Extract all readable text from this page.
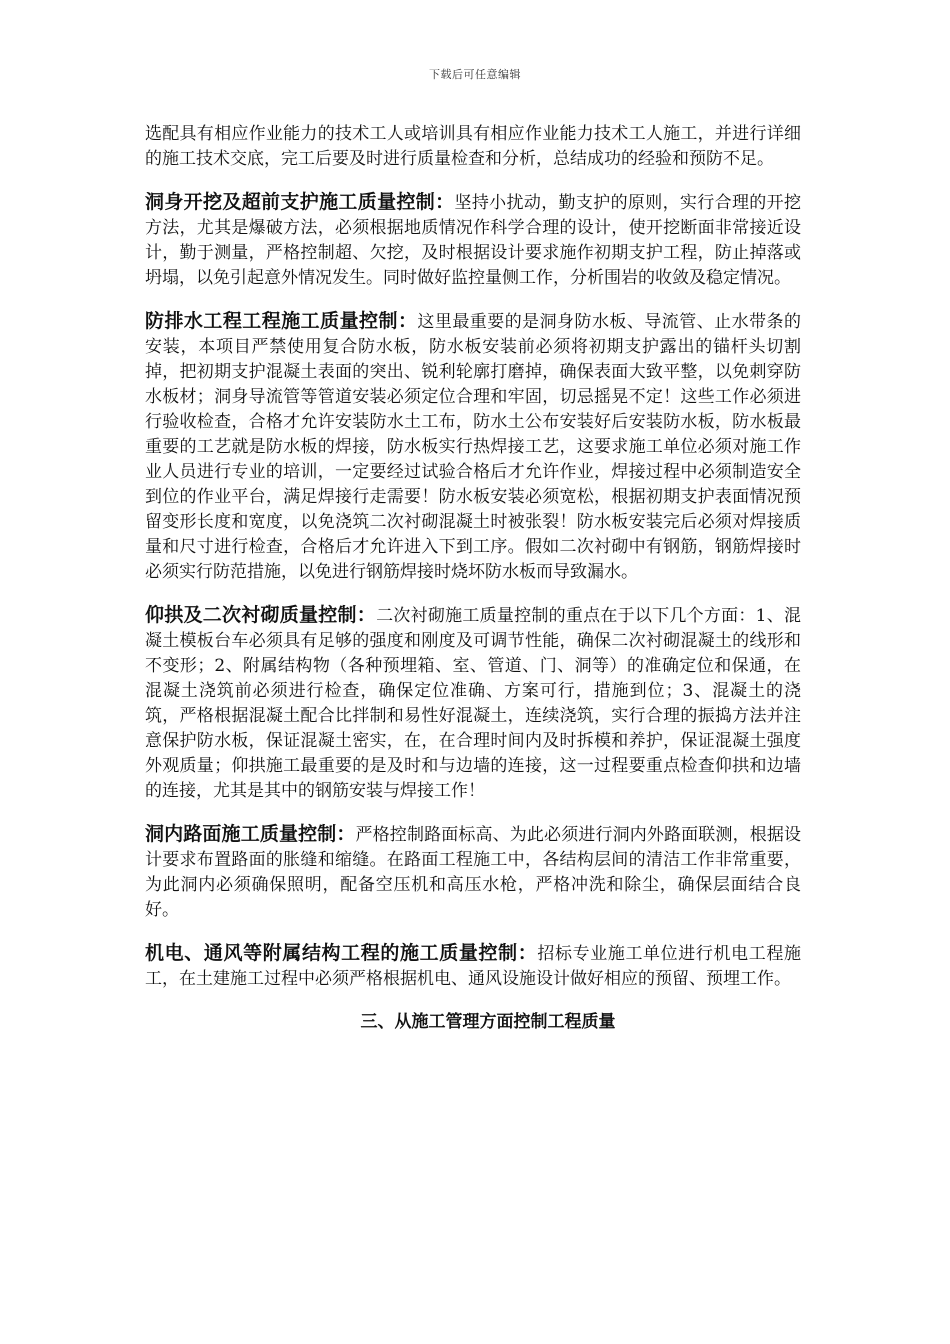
下载后可任意编辑

选配具有相应作业能力的技术工人或培训具有相应作业能力技术工人施工，并进行详细的施工技术交底，完工后要及时进行质量检查和分析，总结成功的经验和预防不足。

洞身开挖及超前支护施工质量控制：坚持小扰动，勤支护的原则，实行合理的开挖方法，尤其是爆破方法，必须根据地质情况作科学合理的设计，使开挖断面非常接近设计，勤于测量，严格控制超、欠挖，及时根据设计要求施作初期支护工程，防止掉落或坍塌，以免引起意外情况发生。同时做好监控量侧工作，分析围岩的收敛及稳定情况。

防排水工程工程施工质量控制：这里最重要的是洞身防水板、导流管、止水带条的安装，本项目严禁使用复合防水板，防水板安装前必须将初期支护露出的锚杆头切割掉，把初期支护混凝土表面的突出、锐利轮廓打磨掉，确保表面大致平整，以免刺穿防水板材；洞身导流管等管道安装必须定位合理和牢固，切忌摇晃不定！这些工作必须进行验收检查，合格才允许安装防水土工布，防水土公布安装好后安装防水板，防水板最重要的工艺就是防水板的焊接，防水板实行热焊接工艺，这要求施工单位必须对施工作业人员进行专业的培训，一定要经过试验合格后才允许作业，焊接过程中必须制造安全到位的作业平台，满足焊接行走需要！防水板安装必须宽松，根据初期支护表面情况预留变形长度和宽度，以免浇筑二次衬砌混凝土时被张裂！防水板安装完后必须对焊接质量和尺寸进行检查，合格后才允许进入下到工序。假如二次衬砌中有钢筋，钢筋焊接时必须实行防范措施，以免进行钢筋焊接时烧坏防水板而导致漏水。

仰拱及二次衬砌质量控制：二次衬砌施工质量控制的重点在于以下几个方面：1、混凝土模板台车必须具有足够的强度和刚度及可调节性能，确保二次衬砌混凝土的线形和不变形；2、附属结构物（各种预埋箱、室、管道、门、洞等）的准确定位和保通，在混凝土浇筑前必须进行检查，确保定位准确、方案可行，措施到位；3、混凝土的浇筑，严格根据混凝土配合比拌制和易性好混凝土，连续浇筑，实行合理的振捣方法并注意保护防水板，保证混凝土密实，在，在合理时间内及时拆模和养护，保证混凝土强度外观质量；仰拱施工最重要的是及时和与边墙的连接，这一过程要重点检查仰拱和边墙的连接，尤其是其中的钢筋安装与焊接工作！

洞内路面施工质量控制：严格控制路面标高、为此必须进行洞内外路面联测，根据设计要求布置路面的胀缝和缩缝。在路面工程施工中，各结构层间的清洁工作非常重要，为此洞内必须确保照明，配备空压机和高压水枪，严格冲洗和除尘，确保层面结合良好。

机电、通风等附属结构工程的施工质量控制：招标专业施工单位进行机电工程施工，在土建施工过程中必须严格根据机电、通风设施设计做好相应的预留、预埋工作。

三、从施工管理方面控制工程质量
